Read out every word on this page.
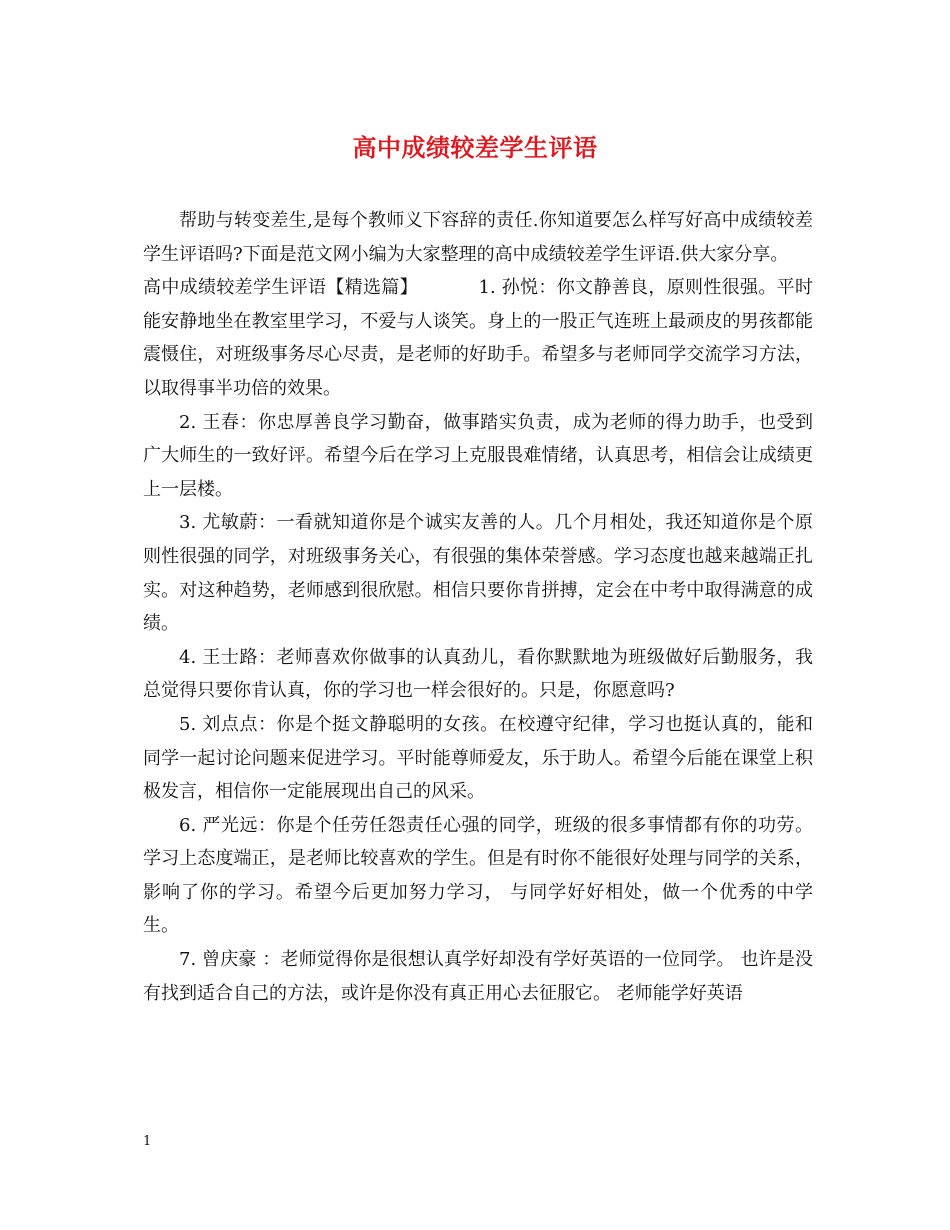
高中成绩较差学生评语

帮助与转变差生,是每个教师义下容辞的责任.你知道要怎么样写好高中成绩较差学生评语吗?下面是范文网小编为大家整理的高中成绩较差学生评语.供大家分享。

高中成绩较差学生评语【精选篇】	1. 孙悦：你文静善良，原则性很强。平时能安静地坐在教室里学习，不爱与人谈笑。身上的一股正气连班上最顽皮的男孩都能震慑住，对班级事务尽心尽责，是老师的好助手。希望多与老师同学交流学习方法，以取得事半功倍的效果。

2. 王春：你忠厚善良学习勤奋，做事踏实负责，成为老师的得力助手，也受到广大师生的一致好评。希望今后在学习上克服畏难情绪，认真思考，相信会让成绩更上一层楼。

3. 尤敏蔚：一看就知道你是个诚实友善的人。几个月相处，我还知道你是个原则性很强的同学，对班级事务关心，有很强的集体荣誉感。学习态度也越来越端正扎实。对这种趋势，老师感到很欣慰。相信只要你肯拼搏，定会在中考中取得满意的成绩。

4. 王士路：老师喜欢你做事的认真劲儿，看你默默地为班级做好后勤服务，我总觉得只要你肯认真，你的学习也一样会很好的。只是，你愿意吗?

5. 刘点点：你是个挺文静聪明的女孩。在校遵守纪律，学习也挺认真的，能和同学一起讨论问题来促进学习。平时能尊师爱友，乐于助人。希望今后能在课堂上积极发言，相信你一定能展现出自己的风采。

6. 严光远：你是个任劳任怨责任心强的同学，班级的很多事情都有你的功劳。学习上态度端正，是老师比较喜欢的学生。但是有时你不能很好处理与同学的关系，影响了你的学习。希望今后更加努力学习， 与同学好好相处，做一个优秀的中学生。

7. 曾庆豪 ：老师觉得你是很想认真学好却没有学好英语的一位同学。 也许是没有找到适合自己的方法，或许是你没有真正用心去征服它。 老师能学好英语

1
